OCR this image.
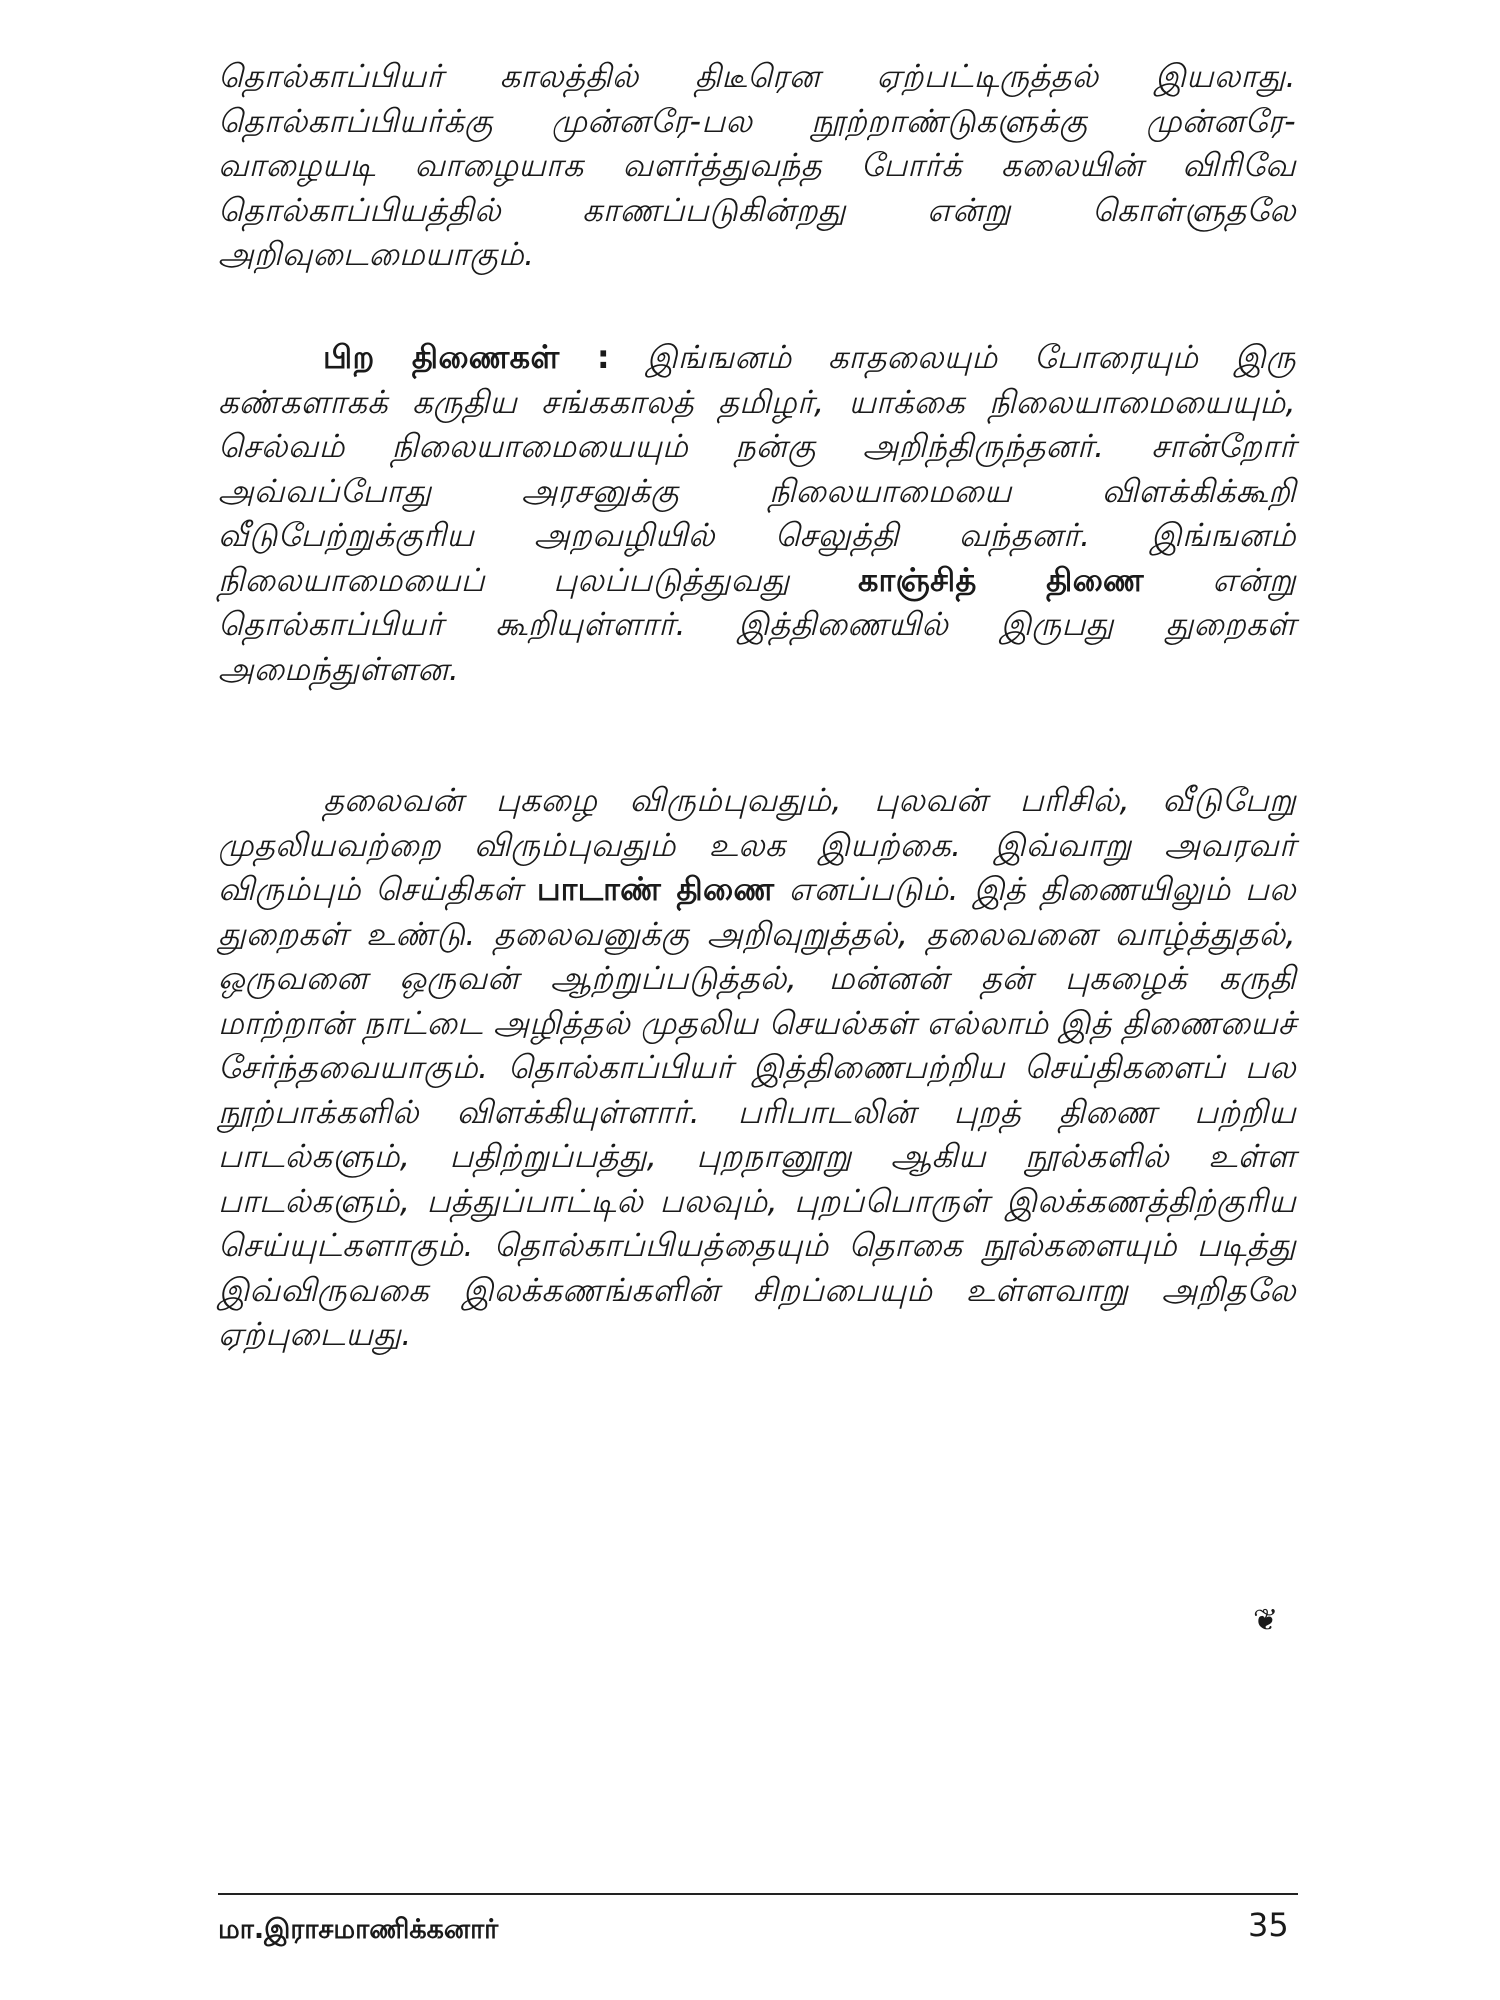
தொல்காப்பியர் காலத்தில் திடீரென ஏற்பட்டிருத்தல் இயலாது. தொல்காப்பியர்க்கு முன்னரே-பல நூற்றாண்டுகளுக்கு முன்னரே-வாழையடி வாழையாக வளர்த்துவந்த போர்க் கலையின் விரிவே தொல்காப்பியத்தில் காணப்படுகின்றது என்று கொள்ளுதலே அறிவுடைமையாகும்.

பிற திணைகள் : இங்ஙனம் காதலையும் போரையும் இரு கண்களாகக் கருதிய சங்ககாலத் தமிழர், யாக்கை நிலையாமையையும், செல்வம் நிலையாமையையும் நன்கு அறிந்திருந்தனர். சான்றோர் அவ்வப்போது அரசனுக்கு நிலையாமையை விளக்கிக்கூறி வீடுபேற்றுக்குரிய அறவழியில் செலுத்தி வந்தனர். இங்ஙனம் நிலையாமையைப் புலப்படுத்துவது காஞ்சித் திணை என்று தொல்காப்பியர் கூறியுள்ளார். இத்திணையில் இருபது துறைகள் அமைந்துள்ளன.

தலைவன் புகழை விரும்புவதும், புலவன் பரிசில், வீடுபேறு முதலியவற்றை விரும்புவதும் உலக இயற்கை. இவ்வாறு அவரவர் விரும்பும் செய்திகள் பாடாண் திணை எனப்படும். இத் திணையிலும் பல துறைகள் உண்டு. தலைவனுக்கு அறிவுறுத்தல், தலைவனை வாழ்த்துதல், ஒருவனை ஒருவன் ஆற்றுப்படுத்தல், மன்னன் தன் புகழைக் கருதி மாற்றான் நாட்டை அழித்தல் முதலிய செயல்கள் எல்லாம் இத் திணையைச் சேர்ந்தவையாகும். தொல்காப்பியர் இத்திணைபற்றிய செய்திகளைப் பல நூற்பாக்களில் விளக்கியுள்ளார். பரிபாடலின் புறத் திணை பற்றிய பாடல்களும், பதிற்றுப்பத்து, புறநானூறு ஆகிய நூல்களில் உள்ள பாடல்களும், பத்துப்பாட்டில் பலவும், புறப்பொருள் இலக்கணத்திற்குரிய செய்யுட்களாகும். தொல்காப்பியத்தையும் தொகை நூல்களையும் படித்து இவ்விருவகை இலக்கணங்களின் சிறப்பையும் உள்ளவாறு அறிதலே ஏற்புடையது.

❦
மா.இராசமாணிக்கனார்	35
